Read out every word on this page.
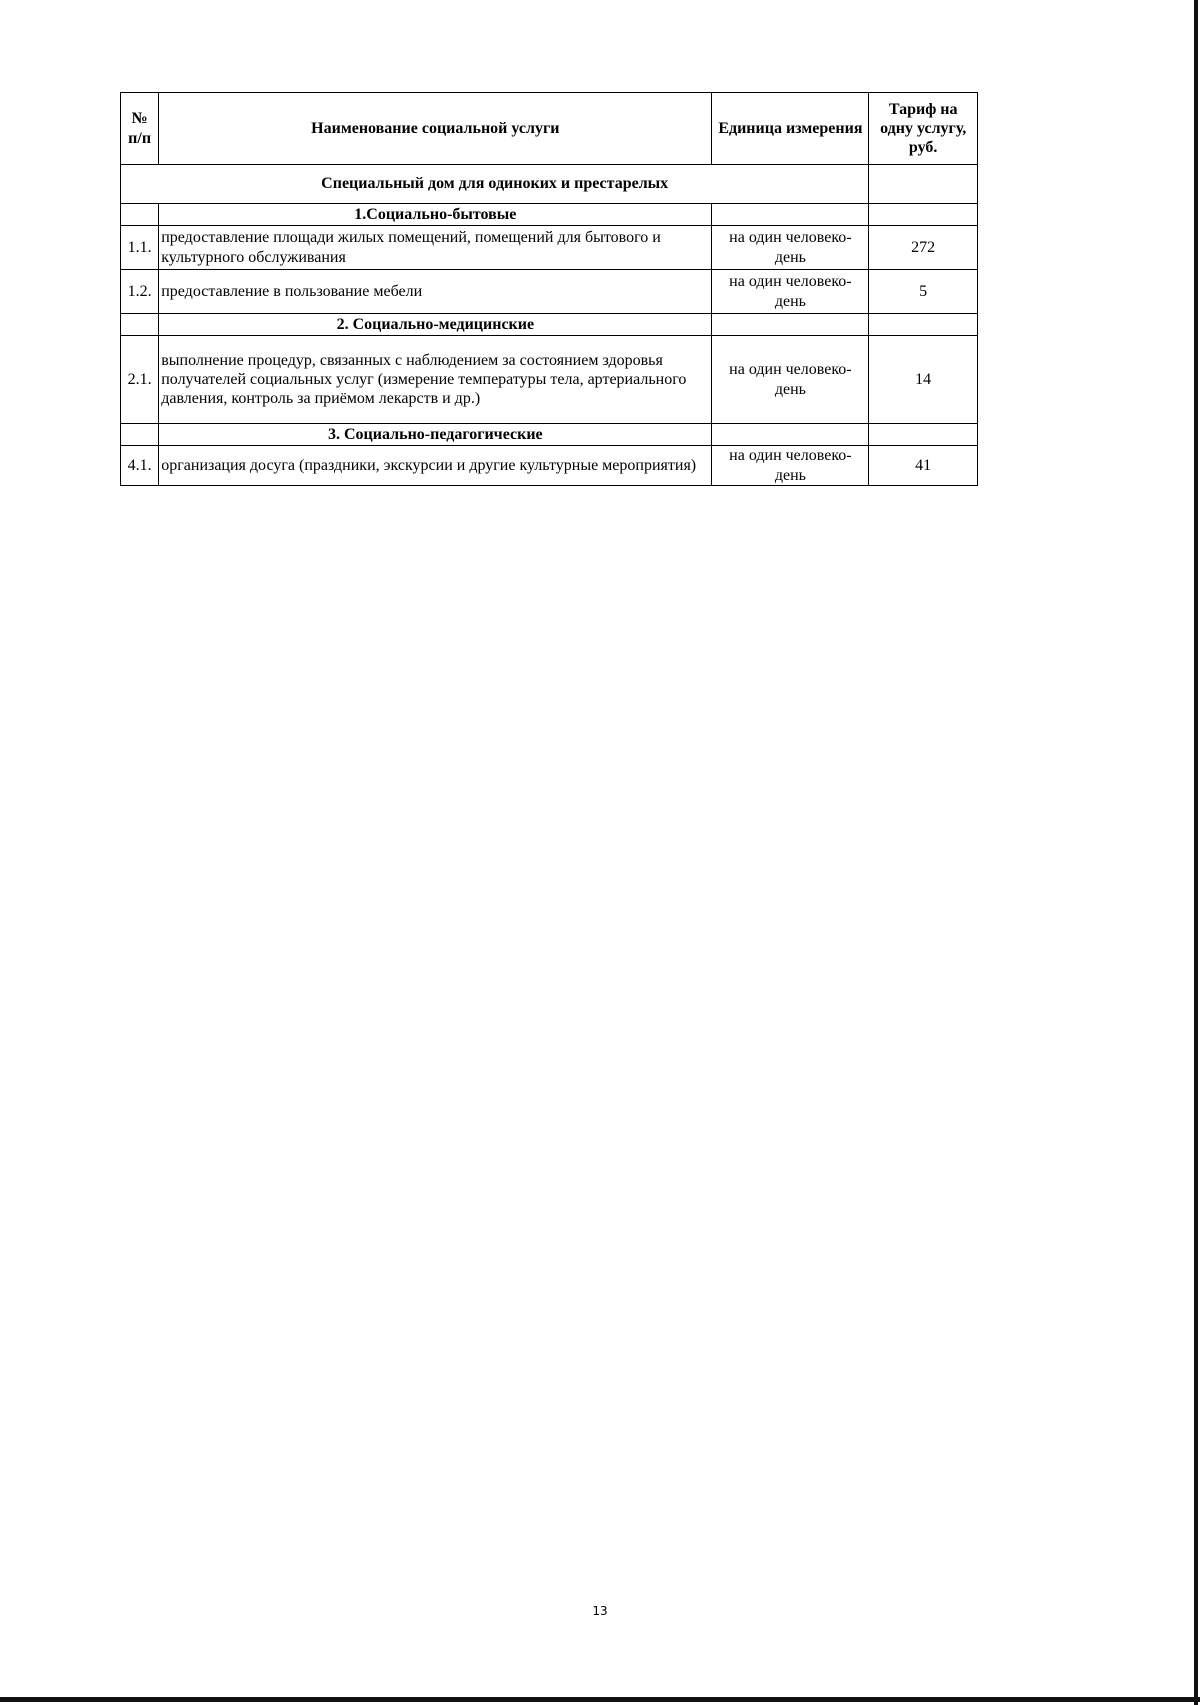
№ п/п	Наименование социальной услуги	Единица измерения	Тариф на одну услугу, руб.
Специальный дом для одиноких и престарелых			
	1.Социально-бытовые		
1.1.	предоставление площади жилых помещений, помещений для бытового и культурного обслуживания	на один человеко-день	272
1.2.	предоставление в пользование мебели	на один человеко-день	5
	2. Социально-медицинские		
2.1.	выполнение процедур, связанных с наблюдением за состоянием здоровья получателей социальных услуг (измерение температуры тела, артериального давления, контроль за приёмом лекарств и др.)	на один человеко-день	14
	3. Социально-педагогические		
4.1.	организация досуга (праздники, экскурсии и другие культурные мероприятия)	на один человеко-день	41
13
